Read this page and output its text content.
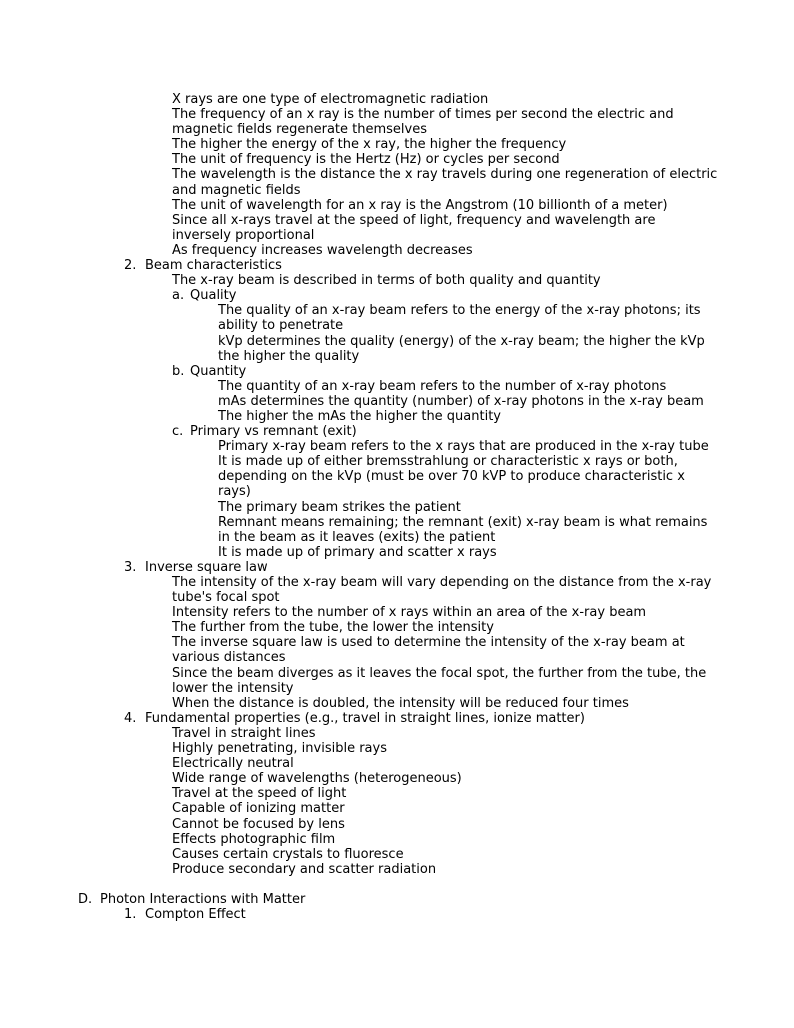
X rays are one type of electromagnetic radiation
The frequency of an x ray is the number of times per second the electric and
magnetic fields regenerate themselves
The higher the energy of the x ray, the higher the frequency
The unit of frequency is the Hertz (Hz) or cycles per second
The wavelength is the distance the x ray travels during one regeneration of electric
and magnetic fields
The unit of wavelength for an x ray is the Angstrom (10 billionth of a meter)
Since all x-rays travel at the speed of light, frequency and wavelength are
inversely proportional
As frequency increases wavelength decreases
2. Beam characteristics
The x-ray beam is described in terms of both quality and quantity
a. Quality
The quality of an x-ray beam refers to the energy of the x-ray photons; its
ability to penetrate
kVp determines the quality (energy) of the x-ray beam; the higher the kVp
the higher the quality
b. Quantity
The quantity of an x-ray beam refers to the number of x-ray photons
mAs determines the quantity (number) of x-ray photons in the x-ray beam
The higher the mAs the higher the quantity
c. Primary vs remnant (exit)
Primary x-ray beam refers to the x rays that are produced in the x-ray tube
It is made up of either bremsstrahlung or characteristic x rays or both,
depending on the kVp (must be over 70 kVP to produce characteristic x
rays)
The primary beam strikes the patient
Remnant means remaining; the remnant (exit) x-ray beam is what remains
in the beam as it leaves (exits) the patient
It is made up of primary and scatter x rays
3. Inverse square law
The intensity of the x-ray beam will vary depending on the distance from the x-ray
tube's focal spot
Intensity refers to the number of x rays within an area of the x-ray beam
The further from the tube, the lower the intensity
The inverse square law is used to determine the intensity of the x-ray beam at
various distances
Since the beam diverges as it leaves the focal spot, the further from the tube, the
lower the intensity
When the distance is doubled, the intensity will be reduced four times
4. Fundamental properties (e.g., travel in straight lines, ionize matter)
Travel in straight lines
Highly penetrating, invisible rays
Electrically neutral
Wide range of wavelengths (heterogeneous)
Travel at the speed of light
Capable of ionizing matter
Cannot be focused by lens
Effects photographic film
Causes certain crystals to fluoresce
Produce secondary and scatter radiation
D. Photon Interactions with Matter
1. Compton Effect
